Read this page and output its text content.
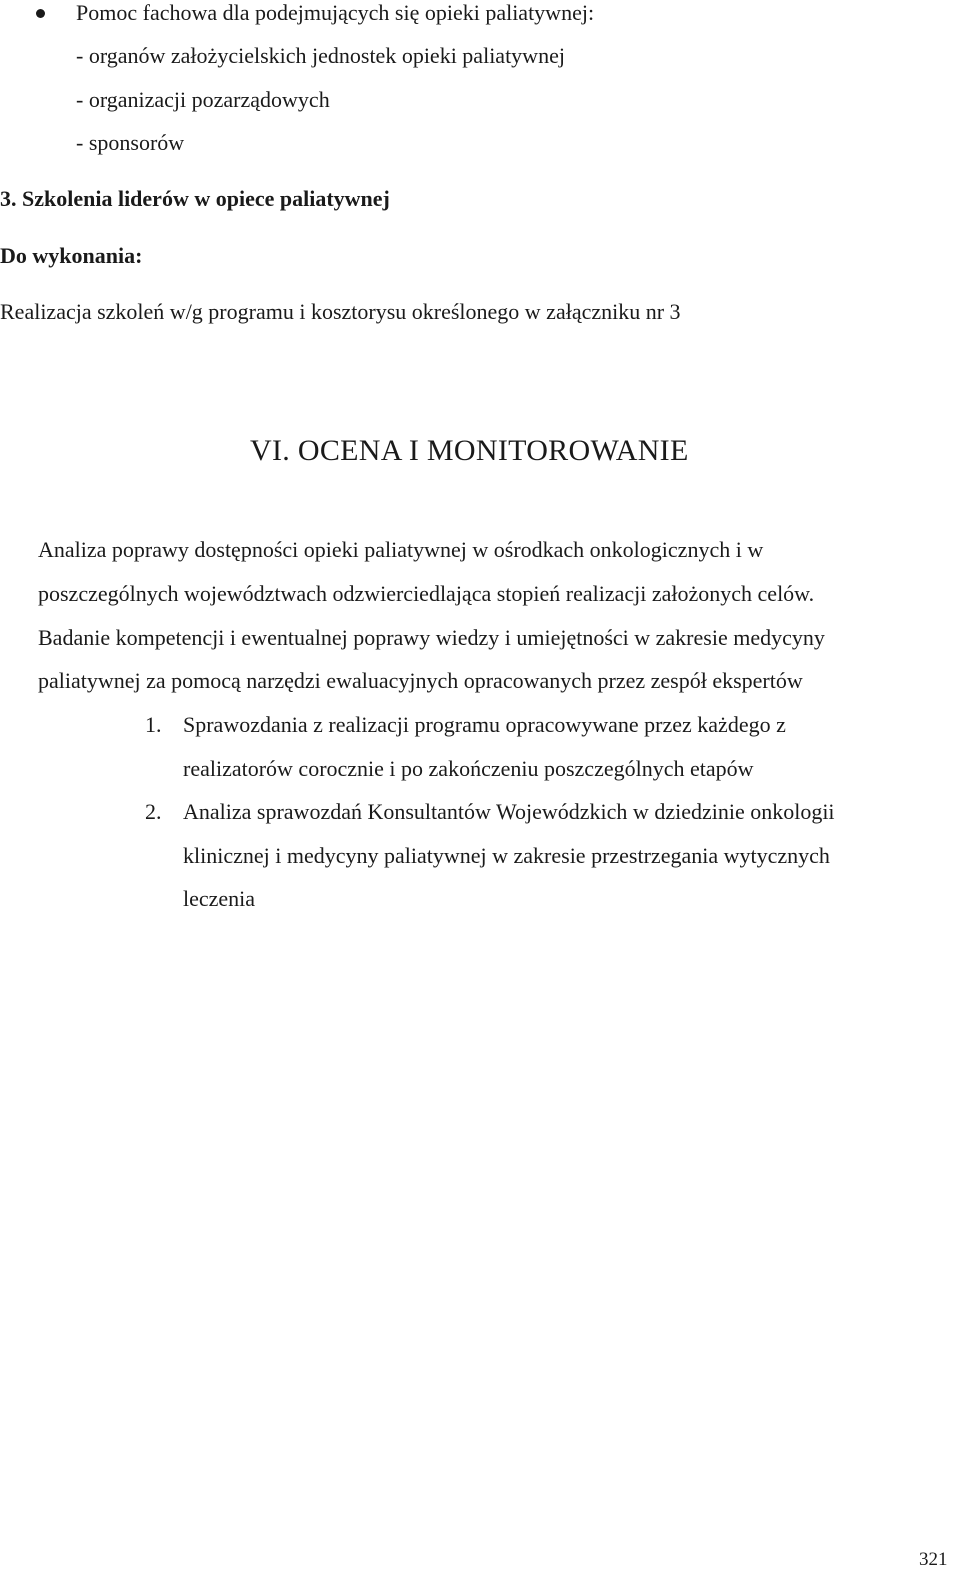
Pomoc fachowa dla podejmujących się opieki paliatywnej:
- organów założycielskich jednostek opieki paliatywnej
- organizacji pozarządowych
- sponsorów
3. Szkolenia liderów w opiece paliatywnej
Do wykonania:
Realizacja szkoleń w/g programu i kosztorysu określonego w załączniku nr 3
VI. OCENA I MONITOROWANIE
Analiza poprawy dostępności opieki paliatywnej w ośrodkach onkologicznych i w
poszczególnych województwach odzwierciedlająca stopień realizacji założonych celów.
Badanie kompetencji i ewentualnej poprawy wiedzy i umiejętności w zakresie medycyny
paliatywnej za pomocą narzędzi ewaluacyjnych opracowanych przez zespół ekspertów
1. Sprawozdania z realizacji programu opracowywane przez każdego z
realizatorów corocznie i po zakończeniu poszczególnych etapów
2. Analiza sprawozdań Konsultantów Wojewódzkich w dziedzinie onkologii
klinicznej i medycyny paliatywnej w zakresie przestrzegania wytycznych
leczenia
321
